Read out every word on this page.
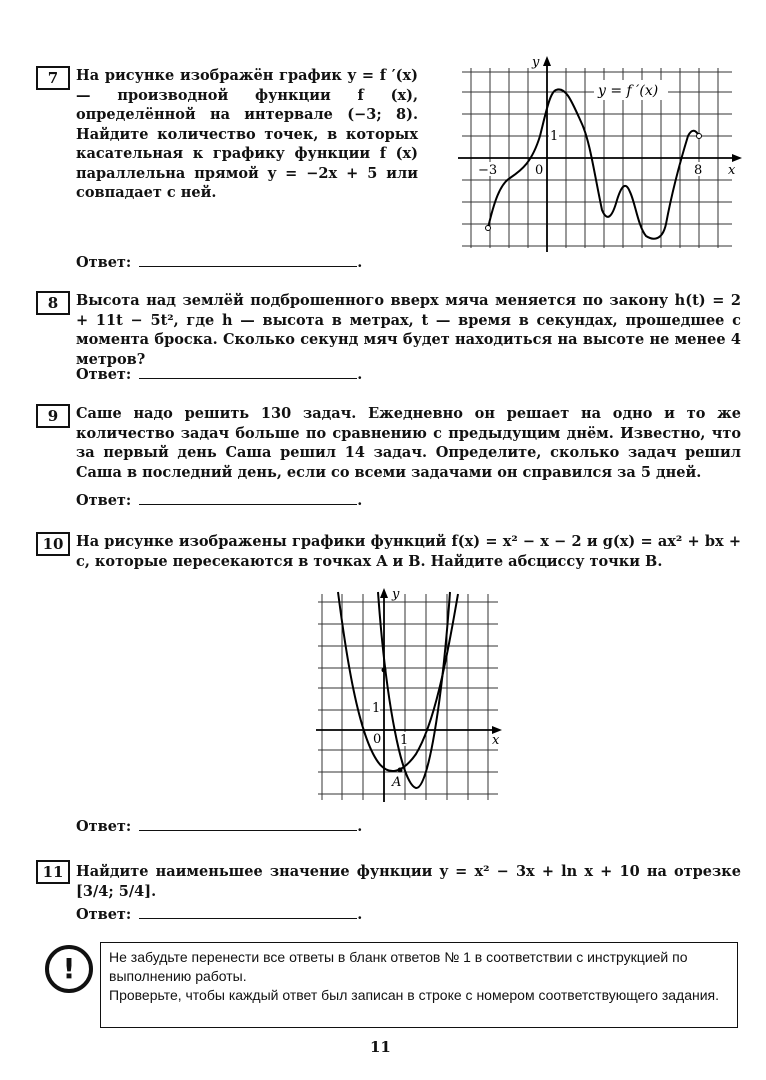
7	На рисунке изображён график y = f ′(x) — производной функции f (x), определённой на интервале (−3; 8). Найдите количество точек, в которых касательная к графику функции f (x) параллельна прямой y = −2x + 5 или совпадает с ней.
y = f ′(x)
y
x
−3	0
1
8
Ответ:	.
8	Высота над землёй подброшенного вверх мяча меняется по закону h(t) = 2 + 11t − 5t², где h — высота в метрах, t — время в секундах, прошедшее с момента броска. Сколько секунд мяч будет находиться на высоте не менее 4 метров?
Ответ:	.
9	Саше надо решить 130 задач. Ежедневно он решает на одно и то же количество задач больше по сравнению с предыдущим днём. Известно, что за первый день Саша решил 14 задач. Определите, сколько задач решил Саша в последний день, если со всеми задачами он справился за 5 дней.
Ответ:	.
10 На рисунке изображены графики функций f(x) = x² − x − 2 и g(x) = ax² + bx + c, которые пересекаются в точках A и B. Найдите абсциссу точки B.
y
x
0 1
1
A
Ответ:	.
11 Найдите наименьшее значение функции y = x² − 3x + ln x + 10 на отрезке [3/4; 5/4].
Ответ:	.
!	Не забудьте перенести все ответы в бланк ответов № 1 в соответствии с инструкцией по выполнению работы.
Проверьте, чтобы каждый ответ был записан в строке с номером соответствующего задания.
11
